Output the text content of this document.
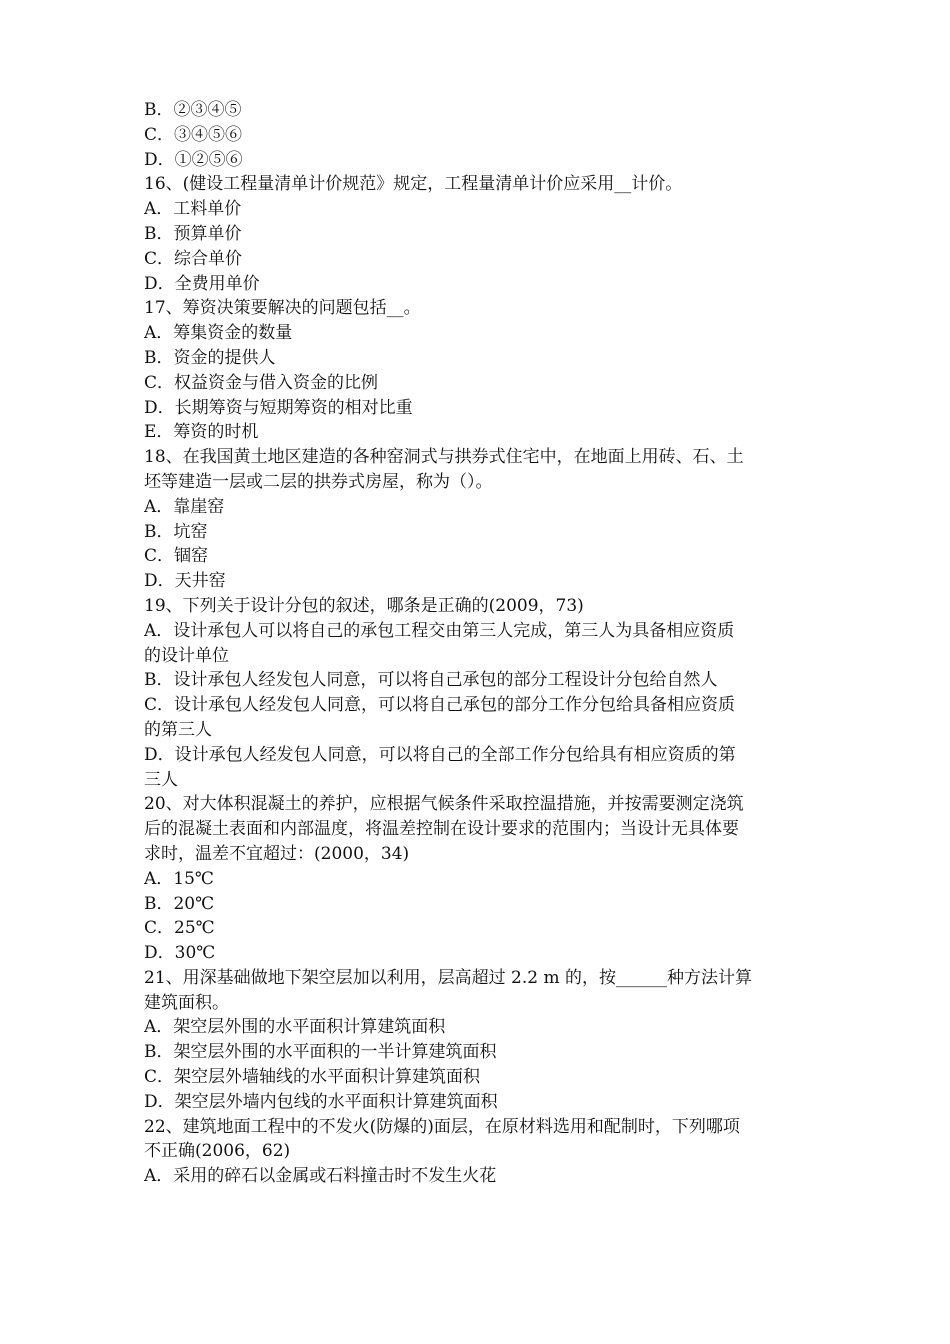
B．②③④⑤
C．③④⑤⑥
D．①②⑤⑥
16、(健设工程量清单计价规范》规定，工程量清单计价应采用__计价。
A．工料单价
B．预算单价
C．综合单价
D．全费用单价
17、筹资决策要解决的问题包括__。
A．筹集资金的数量
B．资金的提供人
C．权益资金与借入资金的比例
D．长期筹资与短期筹资的相对比重
E．筹资的时机
18、在我国黄土地区建造的各种窑洞式与拱券式住宅中，在地面上用砖、石、土
坯等建造一层或二层的拱券式房屋，称为（）。
A．靠崖窑
B．坑窑
C．锢窑
D．天井窑
19、下列关于设计分包的叙述，哪条是正确的(2009，73)
A．设计承包人可以将自己的承包工程交由第三人完成，第三人为具备相应资质
的设计单位
B．设计承包人经发包人同意，可以将自己承包的部分工程设计分包给自然人
C．设计承包人经发包人同意，可以将自己承包的部分工作分包给具备相应资质
的第三人
D．设计承包人经发包人同意，可以将自己的全部工作分包给具有相应资质的第
三人
20、对大体积混凝土的养护，应根据气候条件采取控温措施，并按需要测定浇筑
后的混凝土表面和内部温度，将温差控制在设计要求的范围内；当设计无具体要
求时，温差不宜超过：(2000，34)
A．15℃
B．20℃
C．25℃
D．30℃
21、用深基础做地下架空层加以利用，层高超过 2.2 m 的，按______种方法计算
建筑面积。
A．架空层外围的水平面积计算建筑面积
B．架空层外围的水平面积的一半计算建筑面积
C．架空层外墙轴线的水平面积计算建筑面积
D．架空层外墙内包线的水平面积计算建筑面积
22、建筑地面工程中的不发火(防爆的)面层，在原材料选用和配制时，下列哪项
不正确(2006，62)
A．采用的碎石以金属或石料撞击时不发生火花
